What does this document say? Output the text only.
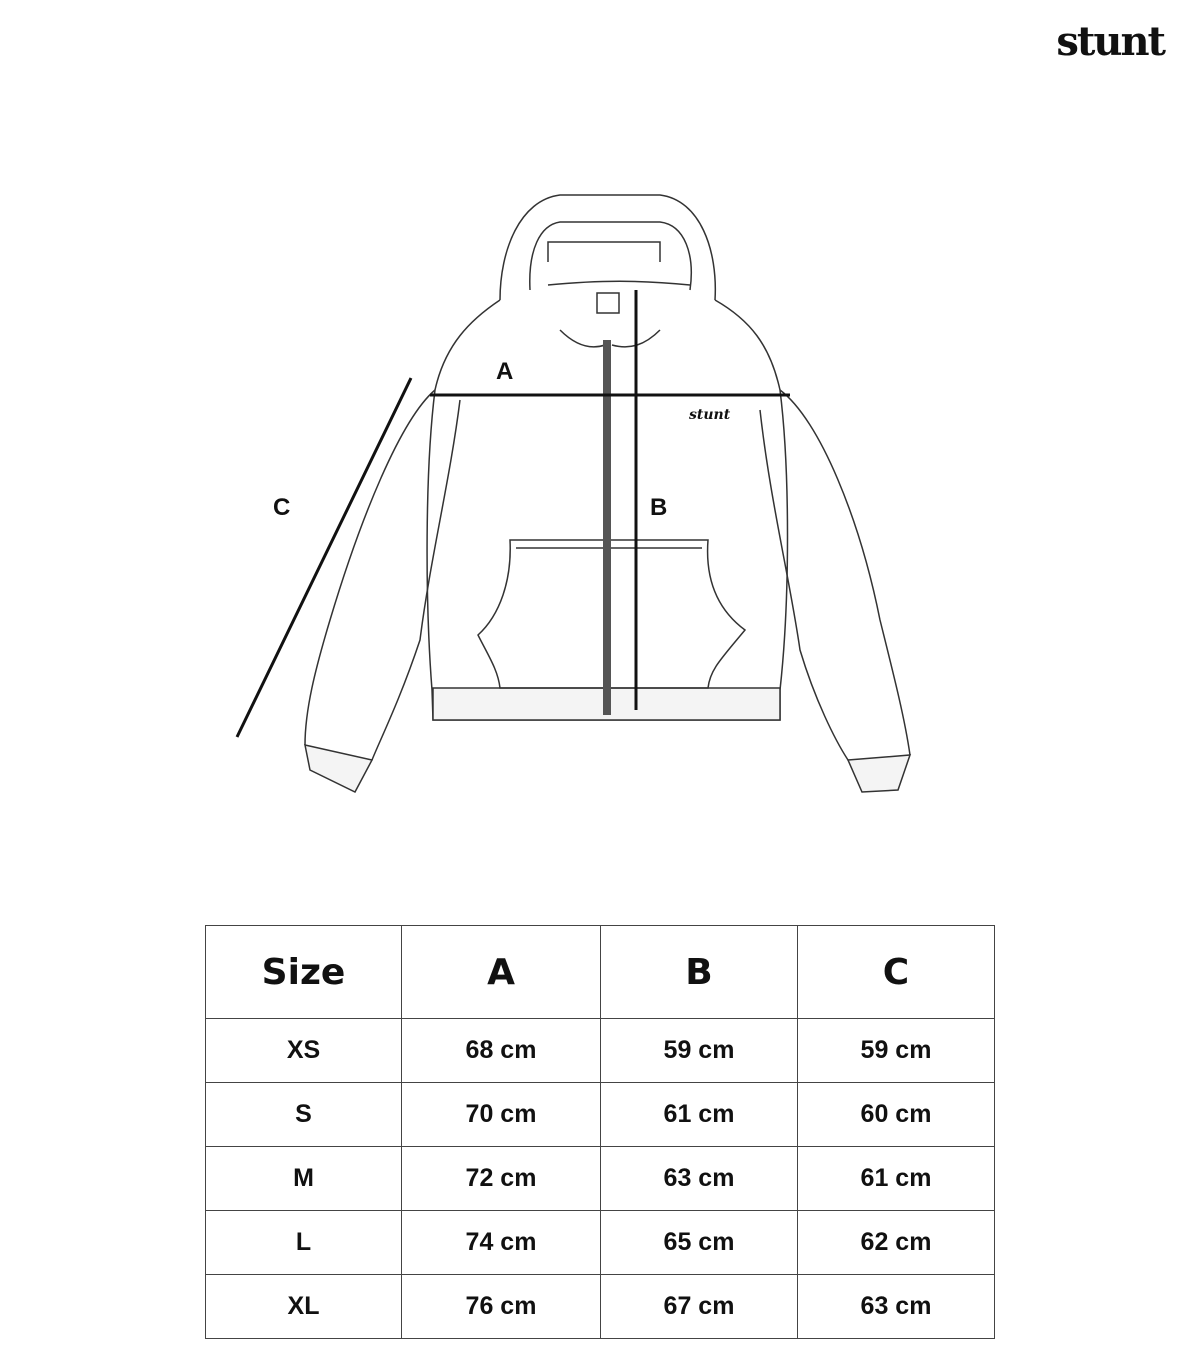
stunt
stunt
A
B
C
Size	A	B	C
XS	68 cm	59 cm	59 cm
S	70 cm	61 cm	60 cm
M	72 cm	63 cm	61 cm
L	74 cm	65 cm	62 cm
XL	76 cm	67 cm	63 cm
